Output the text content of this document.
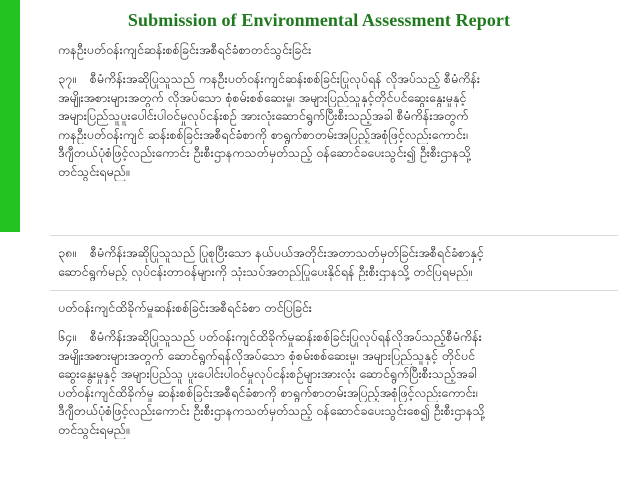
Submission of Environmental Assessment Report
ကနဦးပတ်ဝန်းကျင်ဆန်းစစ်ခြင်းအစီရင်ခံစာတင်သွင်းခြင်း
၃၇။ စီမံကိန်းအဆိုပြုသူသည် ကနဦးပတ်ဝန်းကျင်ဆန်းစစ်ခြင်းပြုလုပ်ရန် လိုအပ်သည့် စီမံကိန်း
အမျိုးအစားများအတွက် လိုအပ်သော စုံစမ်းစစ်ဆေးမှု၊ အများပြည်သူနှင့်တိုင်ပင်ဆွေးနွေးမှုနှင့်
အများပြည်သူပူးပေါင်းပါဝင်မှုလုပ်ငန်းစဉ် အားလုံးဆောင်ရွက်ပြီးစီးသည့်အခါ စီမံကိန်းအတွက်
ကနဦးပတ်ဝန်းကျင် ဆန်းစစ်ခြင်းအစီရင်ခံစာကို စာရွက်စာတမ်းအပြည့်အစုံဖြင့်လည်းကောင်း၊
ဒီဂျီတယ်ပုံစံဖြင့်လည်းကောင်း ဦးစီးဌာနကသတ်မှတ်သည့် ဝန်ဆောင်ခပေးသွင်း၍ ဦးစီးဌာနသို့
တင်သွင်းရမည်။
၃၈။ စီမံကိန်းအဆိုပြုသူသည် ပြုစုပြီးသော နယ်ပယ်အတိုင်းအတာသတ်မှတ်ခြင်းအစီရင်ခံစာနှင့်
ဆောင်ရွက်မည့် လုပ်ငန်းတာဝန်များကို သုံးသပ်အတည်ပြုပေးနိုင်ရန် ဦးစီးဌာနသို့ တင်ပြရမည်။
ပတ်ဝန်းကျင်ထိခိုက်မှုဆန်းစစ်ခြင်းအစီရင်ခံစာ တင်ပြခြင်း
၆၄။ စီမံကိန်းအဆိုပြုသူသည် ပတ်ဝန်းကျင်ထိခိုက်မှုဆန်းစစ်ခြင်းပြုလုပ်ရန်လိုအပ်သည့်စီမံကိန်း
အမျိုးအစားများအတွက် ဆောင်ရွက်ရန်လိုအပ်သော စုံစမ်းစစ်ဆေးမှု၊ အများပြည်သူနှင့် တိုင်ပင်
ဆွေးနွေးမှုနှင့် အများပြည်သူ ပူးပေါင်းပါဝင်မှုလုပ်ငန်းစဉ်များအားလုံး ဆောင်ရွက်ပြီးစီးသည့်အခါ
ပတ်ဝန်းကျင်ထိခိုက်မှု ဆန်းစစ်ခြင်းအစီရင်ခံစာကို စာရွက်စာတမ်းအပြည့်အစုံဖြင့်လည်းကောင်း၊
ဒီဂျီတယ်ပုံစံဖြင့်လည်းကောင်း ဦးစီးဌာနကသတ်မှတ်သည့် ဝန်ဆောင်ခပေးသွင်းစေ၍ ဦးစီးဌာနသို့
တင်သွင်းရမည်။
